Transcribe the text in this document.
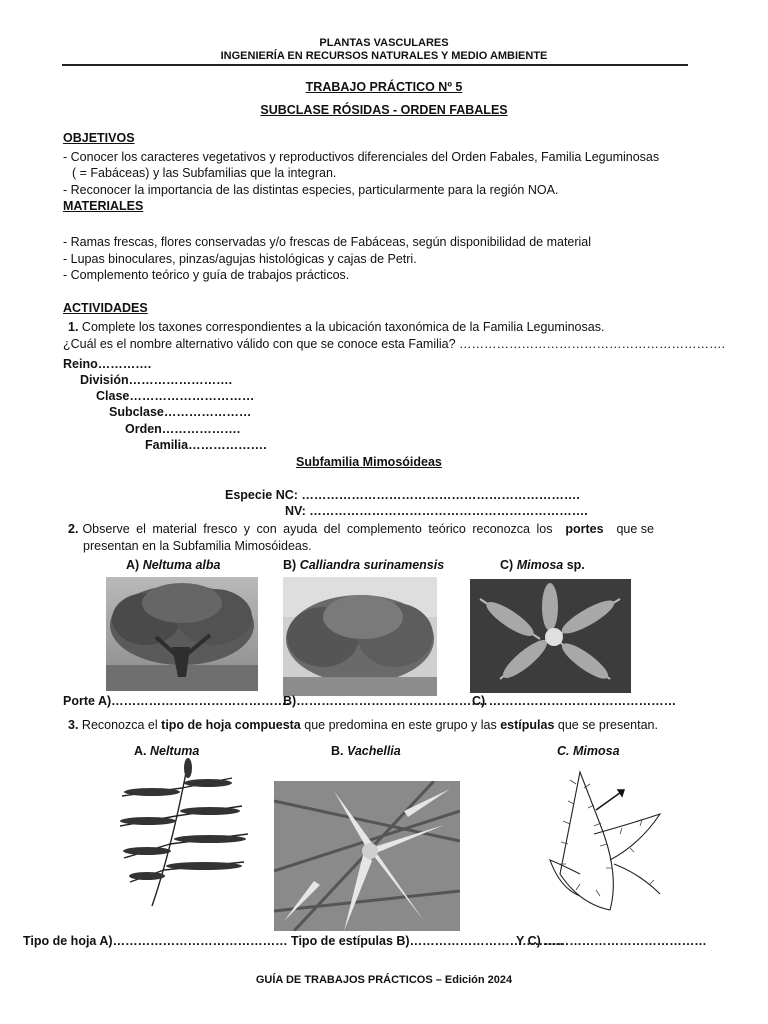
PLANTAS VASCULARES
INGENIERÍA EN RECURSOS NATURALES Y MEDIO AMBIENTE
TRABAJO PRÁCTICO Nº 5
SUBCLASE RÓSIDAS - ORDEN FABALES
OBJETIVOS
- Conocer los caracteres vegetativos y reproductivos diferenciales del Orden Fabales, Familia Leguminosas
( = Fabáceas) y las Subfamilias que la integran.
- Reconocer la importancia de las distintas especies, particularmente para la región NOA.
MATERIALES
- Ramas frescas, flores conservadas y/o frescas de Fabáceas, según disponibilidad de material
- Lupas binoculares, pinzas/agujas histológicas y cajas de Petri.
- Complemento teórico y guía de trabajos prácticos.
ACTIVIDADES
1. Complete los taxones correspondientes a la ubicación taxonómica de la Familia Leguminosas.
¿Cuál es el nombre alternativo válido con que se conoce esta Familia? ……………………………………………………….
Reino………….
División…………………….
Clase…………………………
Subclase…………………
Orden……………….
Familia……………….
Subfamilia Mimosóideas
Especie NC: ………………………………………………………….
NV: ………………………………………………………….
2. Observe el material fresco y con ayuda del complemento teórico reconozca los portes que se
presentan en la Subfamilia Mimosóideas.
A) Neltuma alba	B) Calliandra surinamensis	C) Mimosa sp.
Porte A)…………………………………….
B)……………………………………….
C) ………………………………………
3. Reconozca el tipo de hoja compuesta que predomina en este grupo y las estípulas que se presentan.
A. Neltuma	B. Vachellia	C. Mimosa
Tipo de hoja A)…………………………………… Tipo de estípulas B)……………………………….
Y C) …………………………………
GUÍA DE TRABAJOS PRÁCTICOS – Edición 2024
